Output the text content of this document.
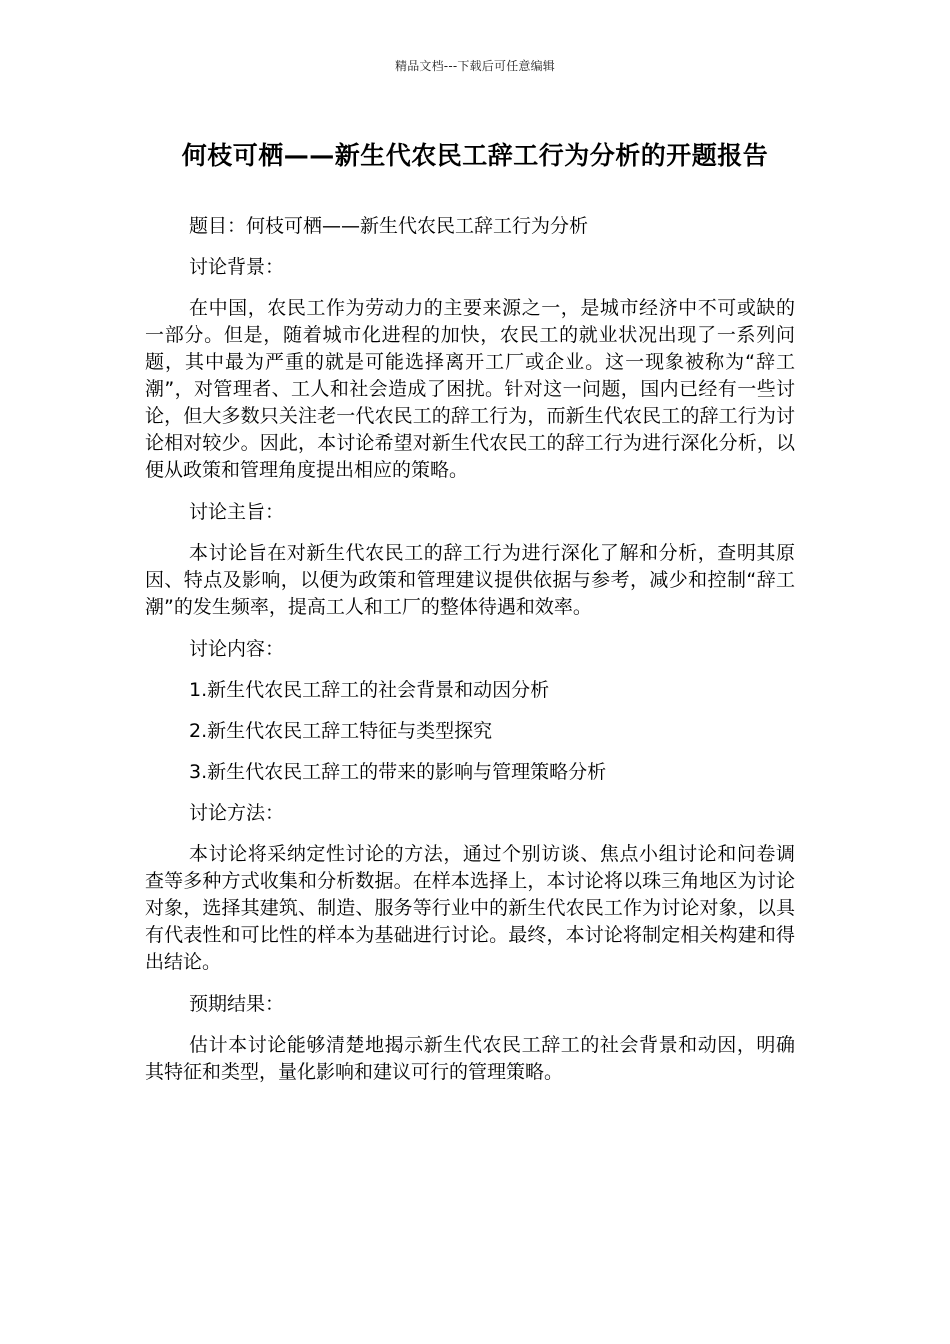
精品文档---下载后可任意编辑
何枝可栖——新生代农民工辞工行为分析的开题报告

题目：何枝可栖——新生代农民工辞工行为分析

讨论背景：

在中国，农民工作为劳动力的主要来源之一，是城市经济中不可或缺的一部分。但是，随着城市化进程的加快，农民工的就业状况出现了一系列问题，其中最为严重的就是可能选择离开工厂或企业。这一现象被称为“辞工潮”，对管理者、工人和社会造成了困扰。针对这一问题，国内已经有一些讨论，但大多数只关注老一代农民工的辞工行为，而新生代农民工的辞工行为讨论相对较少。因此，本讨论希望对新生代农民工的辞工行为进行深化分析，以便从政策和管理角度提出相应的策略。

讨论主旨：

本讨论旨在对新生代农民工的辞工行为进行深化了解和分析，查明其原因、特点及影响，以便为政策和管理建议提供依据与参考，减少和控制“辞工潮”的发生频率，提高工人和工厂的整体待遇和效率。

讨论内容：

1.新生代农民工辞工的社会背景和动因分析

2.新生代农民工辞工特征与类型探究

3.新生代农民工辞工的带来的影响与管理策略分析

讨论方法：

本讨论将采纳定性讨论的方法，通过个别访谈、焦点小组讨论和问卷调查等多种方式收集和分析数据。在样本选择上，本讨论将以珠三角地区为讨论对象，选择其建筑、制造、服务等行业中的新生代农民工作为讨论对象，以具有代表性和可比性的样本为基础进行讨论。最终，本讨论将制定相关构建和得出结论。

预期结果：

估计本讨论能够清楚地揭示新生代农民工辞工的社会背景和动因，明确其特征和类型，量化影响和建议可行的管理策略。
